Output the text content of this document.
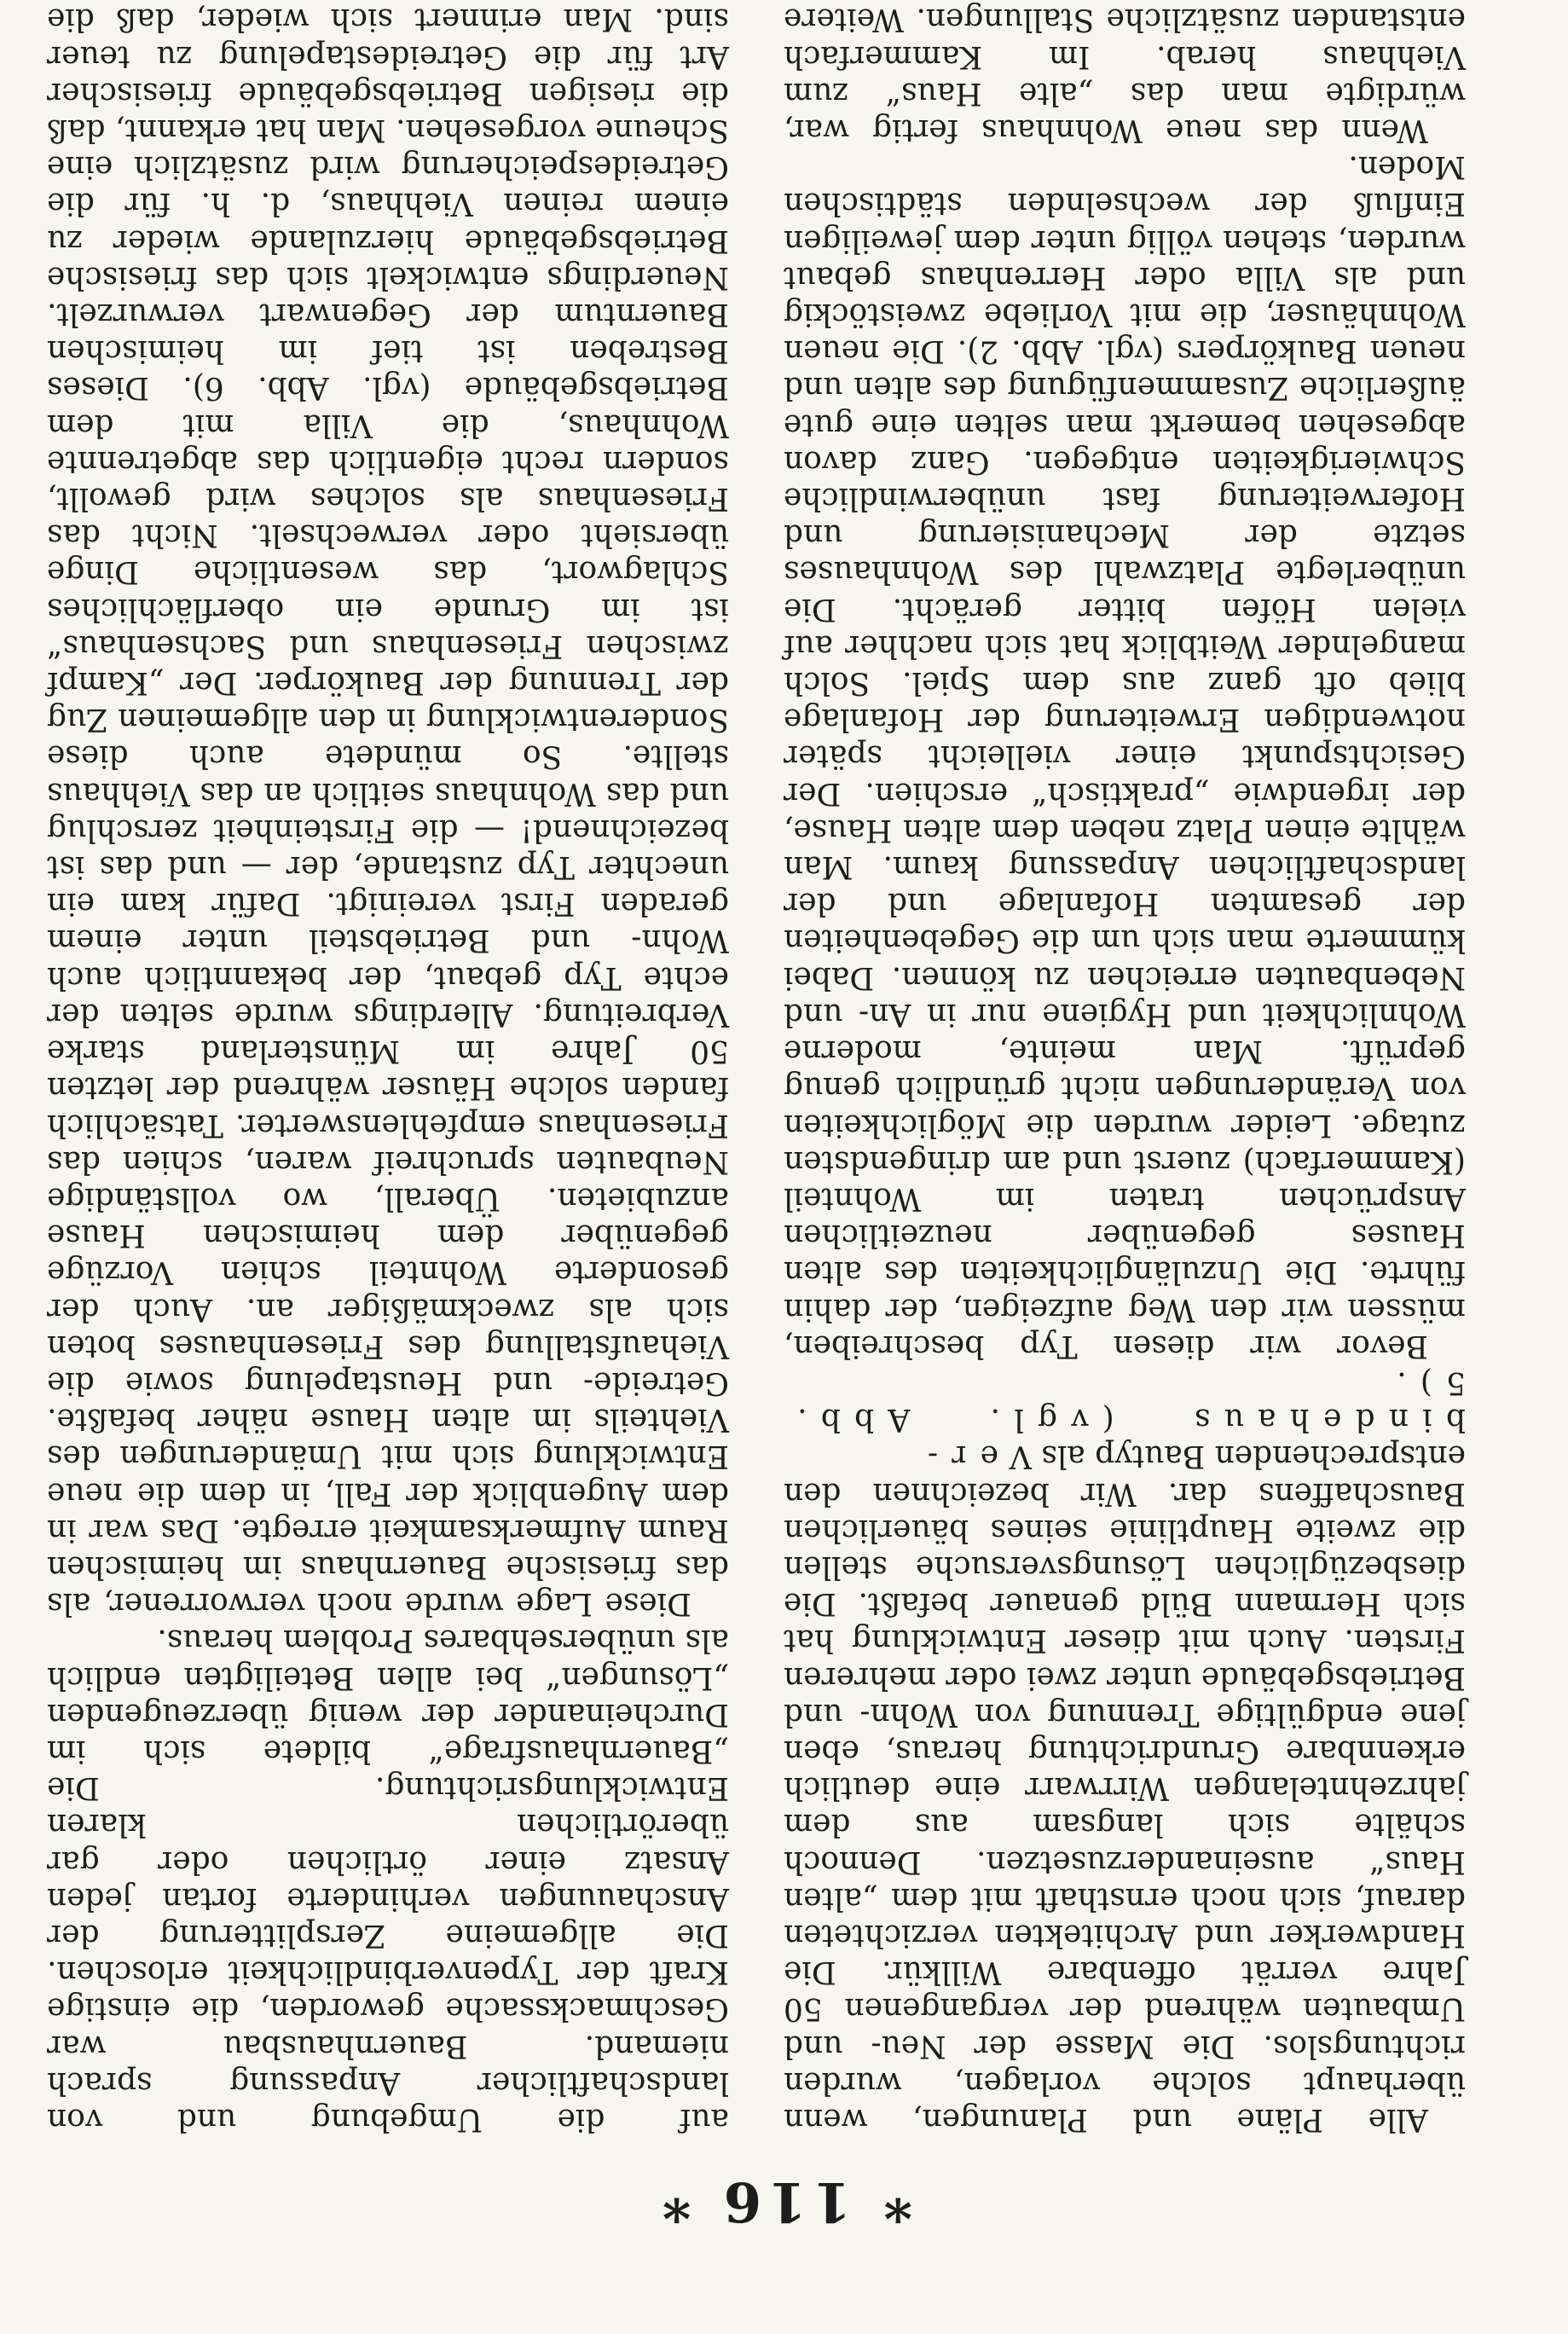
* 116 *

Alle Pläne und Planungen, wenn überhaupt solche vorlagen, wurden richtungslos. Die Masse der Neu- und Umbauten während der vergangenen 50 Jahre verrät offenbare Willkür. Die Handwerker und Architekten verzichteten darauf, sich noch ernsthaft mit dem „alten Haus“ auseinanderzusetzen. Dennoch schälte sich langsam aus dem jahrzehntelangen Wirrwarr eine deutlich erkennbare Grundrichtung heraus, eben jene endgültige Trennung von Wohn- und Betriebsgebäude unter zwei oder mehreren Firsten. Auch mit dieser Entwicklung hat sich Hermann Büld genauer befaßt. Die diesbezüglichen Lösungsversuche stellen die zweite Hauptlinie seines bäuerlichen Bauschaffens dar. Wir bezeichnen den entsprechenden Bautyp als Ver-

bindehaus (vgl. Abb. 5).

Bevor wir diesen Typ beschreiben, müssen wir den Weg aufzeigen, der dahin führte. Die Unzulänglichkeiten des alten Hauses gegenüber neuzeitlichen Ansprüchen traten im Wohnteil (Kammerfach) zuerst und am dringendsten zutage. Leider wurden die Möglichkeiten von Veränderungen nicht gründlich genug geprüft. Man meinte, moderne Wohnlichkeit und Hygiene nur in An- und Nebenbauten erreichen zu können. Dabei kümmerte man sich um die Gegebenheiten der gesamten Hofanlage und der landschaftlichen Anpassung kaum. Man wählte einen Platz neben dem alten Hause, der irgendwie „praktisch“ erschien. Der Gesichtspunkt einer vielleicht später notwendigen Erweiterung der Hofanlage blieb oft ganz aus dem Spiel. Solch mangelnder Weitblick hat sich nachher auf vielen Höfen bitter gerächt. Die unüberlegte Platzwahl des Wohnhauses setzte der Mechanisierung und Hoferweiterung fast unüberwindliche Schwierigkeiten entgegen. Ganz davon abgesehen bemerkt man selten eine gute äußerliche Zusammenfügung des alten und neuen Baukörpers (vgl. Abb. 2). Die neuen Wohnhäuser, die mit Vorliebe zweistöckig und als Villa oder Herrenhaus gebaut wurden, stehen völlig unter dem jeweiligen Einfluß der wechselnden städtischen Moden.

Wenn das neue Wohnhaus fertig war, würdigte man das „alte Haus“ zum Viehhaus herab. Im Kammerfach entstanden zusätzliche Stallungen. Weitere

auf die Umgebung und von landschaftlicher Anpassung sprach niemand. Bauernhausbau war Geschmackssache geworden, die einstige Kraft der Typenverbindlichkeit erloschen. Die allgemeine Zersplitterung der Anschauungen verhinderte fortan jeden Ansatz einer örtlichen oder gar überörtlichen klaren Entwicklungsrichtung. Die „Bauernhausfrage“ bildete sich im Durcheinander der wenig überzeugenden „Lösungen“ bei allen Beteiligten endlich als unübersehbares Problem heraus.

Diese Lage wurde noch verworrener, als das friesische Bauernhaus im heimischen Raum Aufmerksamkeit erregte. Das war in dem Augenblick der Fall, in dem die neue Entwicklung sich mit Umänderungen des Viehteils im alten Hause näher befaßte. Getreide- und Heustapelung sowie die Viehaufstallung des Friesenhauses boten sich als zweckmäßiger an. Auch der gesonderte Wohnteil schien Vorzüge gegenüber dem heimischen Hause anzubieten. Überall, wo vollständige Neubauten spruchreif waren, schien das Friesenhaus empfehlenswerter. Tatsächlich fanden solche Häuser während der letzten 50 Jahre im Münsterland starke Verbreitung. Allerdings wurde selten der echte Typ gebaut, der bekanntlich auch Wohn- und Betriebsteil unter einem geraden First vereinigt. Dafür kam ein unechter Typ zustande, der — und das ist bezeichnend! — die Firsteinheit zerschlug und das Wohnhaus seitlich an das Viehhaus stellte. So mündete auch diese Sonderentwicklung in den allgemeinen Zug der Trennung der Baukörper. Der „Kampf zwischen Friesenhaus und Sachsenhaus“ ist im Grunde ein oberflächliches Schlagwort, das wesentliche Dinge übersieht oder verwechselt. Nicht das Friesenhaus als solches wird gewollt, sondern recht eigentlich das abgetrennte Wohnhaus, die Villa mit dem Betriebsgebäude (vgl. Abb. 6). Dieses Bestreben ist tief im heimischen Bauerntum der Gegenwart verwurzelt. Neuerdings entwickelt sich das friesische Betriebsgebäude hierzulande wieder zu einem reinen Viehhaus, d. h. für die Getreidespeicherung wird zusätzlich eine Scheune vorgesehen. Man hat erkannt, daß die riesigen Betriebsgebäude friesischer Art für die Getreidestapelung zu teuer sind. Man erinnert sich wieder, daß die
